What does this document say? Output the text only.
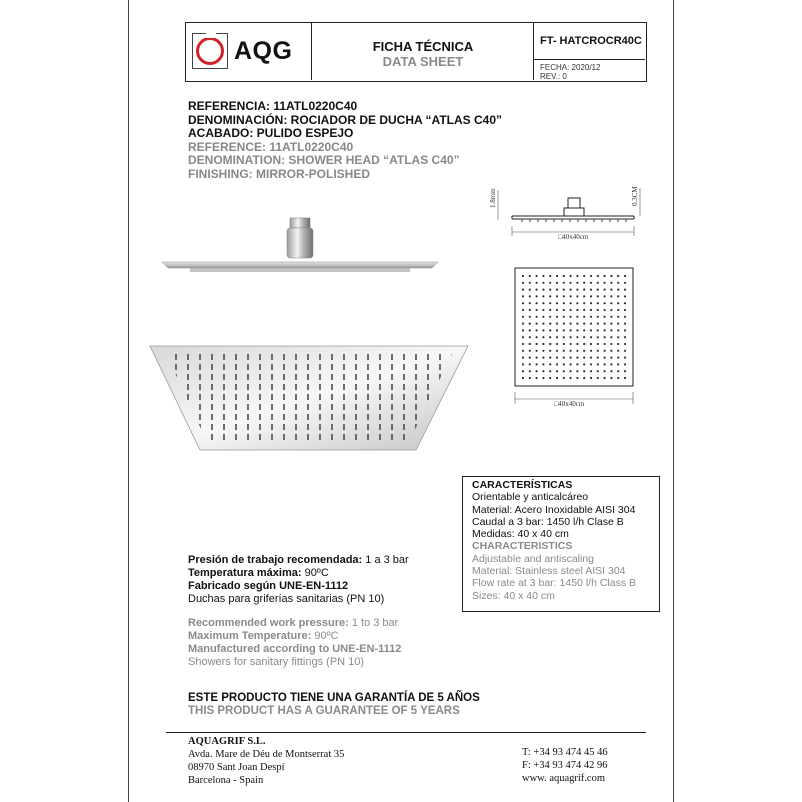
AQG	FICHA TÉCNICA
DATA SHEET
FT- HATCROCR40C
FECHA: 2020/12
REV.: 0
REFERENCIA: 11ATL0220C40
DENOMINACIÓN: ROCIADOR DE DUCHA “ATLAS C40”
ACABADO: PULIDO ESPEJO
REFERENCE: 11ATL0220C40
DENOMINATION: SHOWER HEAD “ATLAS C40”
FINISHING: MIRROR-POLISHED
1.8mm	0.3CM
□40x40cm
□40x40cm
CARACTERÍSTICAS
Orientable y anticalcáreo
Material: Acero Inoxidable AISI 304
Caudal a 3 bar: 1450 l/h Clase B
Medidas: 40 x 40 cm
CHARACTERISTICS
Adjustable and antiscaling
Material: Stainless steel AISI 304
Flow rate at 3 bar: 1450 l/h Class B
Sizes: 40 x 40 cm
Presión de trabajo recomendada: 1 a 3 bar
Temperatura máxima: 90ºC
Fabricado según UNE-EN-1112
Duchas para griferías sanitarias (PN 10)
Recommended work pressure: 1 to 3 bar
Maximum Temperature: 90ºC
Manufactured according to UNE-EN-1112
Showers for sanitary fittings (PN 10)
ESTE PRODUCTO TIENE UNA GARANTÍA DE 5 AÑOS
THIS PRODUCT HAS A GUARANTEE OF 5 YEARS
AQUAGRIF S.L.
Avda. Mare de Déu de Montserrat 35
08970 Sant Joan Despí
Barcelona - Spain
T: +34 93 474 45 46
F: +34 93 474 42 96
www. aquagrif.com
